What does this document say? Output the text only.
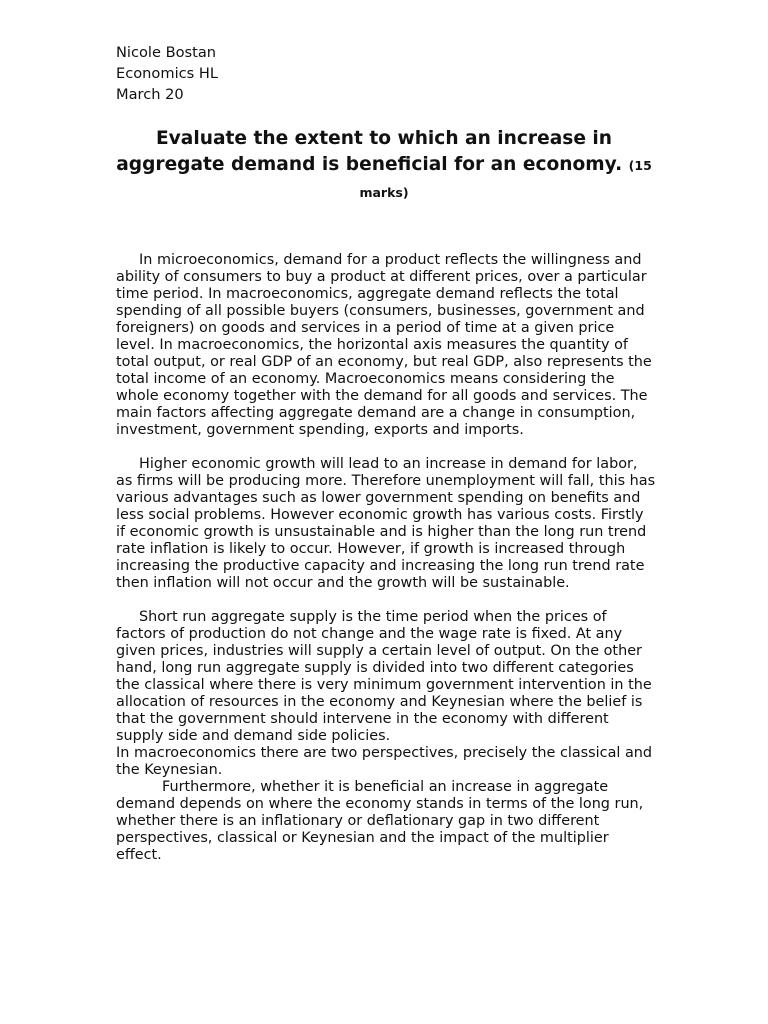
Nicole Bostan
Economics HL
March 20
Evaluate the extent to which an increase in aggregate demand is beneficial for an economy. (15 marks)

In microeconomics, demand for a product reflects the willingness and ability of consumers to buy a product at different prices, over a particular time period. In macroeconomics, aggregate demand reflects the total spending of all possible buyers (consumers, businesses, government and foreigners) on goods and services in a period of time at a given price level. In macroeconomics, the horizontal axis measures the quantity of total output, or real GDP of an economy, but real GDP, also represents the total income of an economy. Macroeconomics means considering the whole economy together with the demand for all goods and services. The main factors affecting aggregate demand are a change in consumption, investment, government spending, exports and imports.

Higher economic growth will lead to an increase in demand for labor, as firms will be producing more. Therefore unemployment will fall, this has various advantages such as lower government spending on benefits and less social problems. However economic growth has various costs. Firstly if economic growth is unsustainable and is higher than the long run trend rate inflation is likely to occur. However, if growth is increased through increasing the productive capacity and increasing the long run trend rate then inflation will not occur and the growth will be sustainable.

Short run aggregate supply is the time period when the prices of factors of production do not change and the wage rate is fixed. At any given prices, industries will supply a certain level of output. On the other hand, long run aggregate supply is divided into two different categories the classical where there is very minimum government intervention in the allocation of resources in the economy and Keynesian where the belief is that the government should intervene in the economy with different supply side and demand side policies.

In macroeconomics there are two perspectives, precisely the classical and the Keynesian.

Furthermore, whether it is beneficial an increase in aggregate demand depends on where the economy stands in terms of the long run, whether there is an inflationary or deflationary gap in two different perspectives, classical or Keynesian and the impact of the multiplier effect.
